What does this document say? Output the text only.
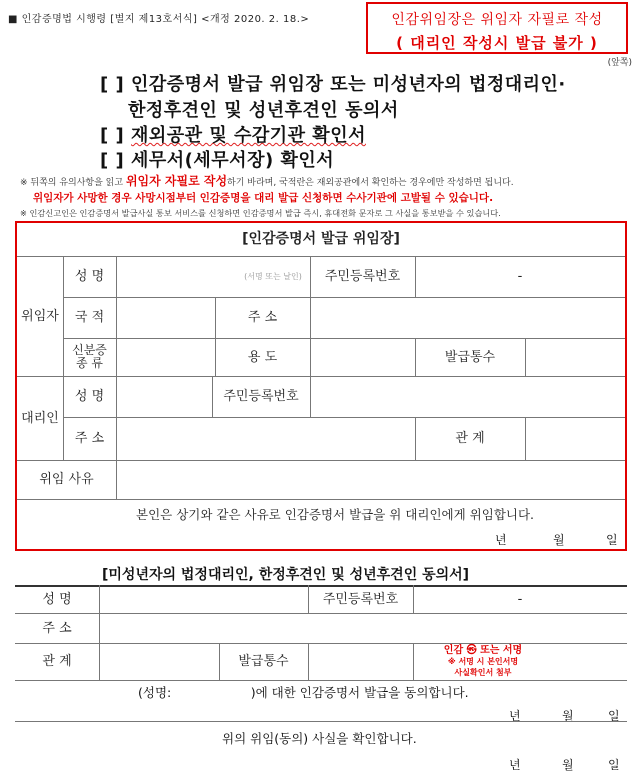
■ 인감증명법 시행령 [별지 제13호서식] <개정 2020. 2. 18.>	인감위임장은 위임자 자필로 작성
( 대리인 작성시 발급 불가 )
(앞쪽)
[ ] 인감증명서 발급 위임장 또는 미성년자의 법정대리인·
한정후견인 및 성년후견인 동의서
[ ] 재외공관 및 수감기관 확인서
[ ] 세무서(세무서장) 확인서
※ 뒤쪽의 유의사항을 읽고 위임자 자필로 작성하기 바라며, 국적란은 재외공관에서 확인하는 경우에만 작성하면 됩니다.
위임자가 사망한 경우 사망시점부터 인감증명을 대리 발급 신청하면 수사기관에 고발될 수 있습니다.
※ 인감신고인은 인감증명서 발급사실 통보 서비스를 신청하면 인감증명서 발급 즉시, 휴대전화 문자로 그 사실을 통보받을 수 있습니다.
[인감증명서 발급 위임장]
위임자
성 명	(서명 또는 날인)	주민등록번호	-
국 적	주 소
신분증 종 류	용 도	발급통수
대리인
성 명	주민등록번호
주 소	관 계
위임 사유
본인은 상기와 같은 사유로 인감증명서 발급을 위 대리인에게 위임합니다.
년	월	일
[미성년자의 법정대리인, 한정후견인 및 성년후견인 동의서]
성 명	주민등록번호	-
주 소
관 계	발급통수
인감 ㉿ 또는 서명
※ 서명 시 본인서명
사실확인서 첨부
(성명:                    )에 대한 인감증명서 발급을 동의합니다.
년	월	일
위의 위임(동의) 사실을 확인합니다.
년	월	일
